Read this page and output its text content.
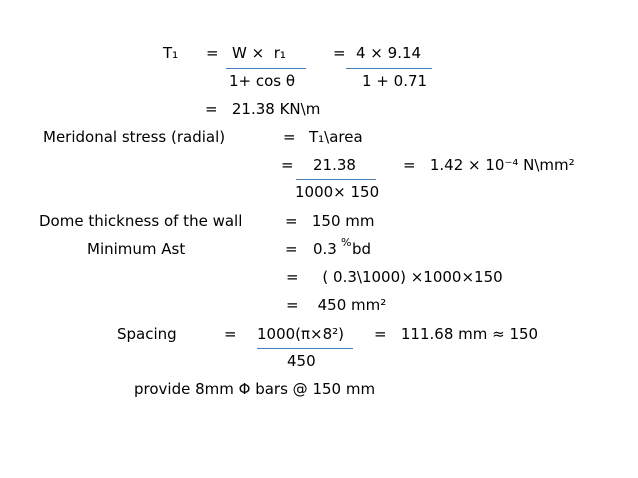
T₁ = W ×  r₁	= 4 × 9.14
1+ cos θ	1 + 0.71
=   21.38 KN\m
Meridonal stress (radial)	= T₁\area
= 21.38	=   1.42 × 10⁻⁴ N\mm²
1000× 150
Dome thickness of the wall	=   150 mm
Minimum Ast	= 0.3 % bd
=     ( 0.3\1000) ×1000×150
=    450 mm²
Spacing	= 1000(π×8²) =   111.68 mm ≈ 150
450
provide 8mm Φ bars @ 150 mm
